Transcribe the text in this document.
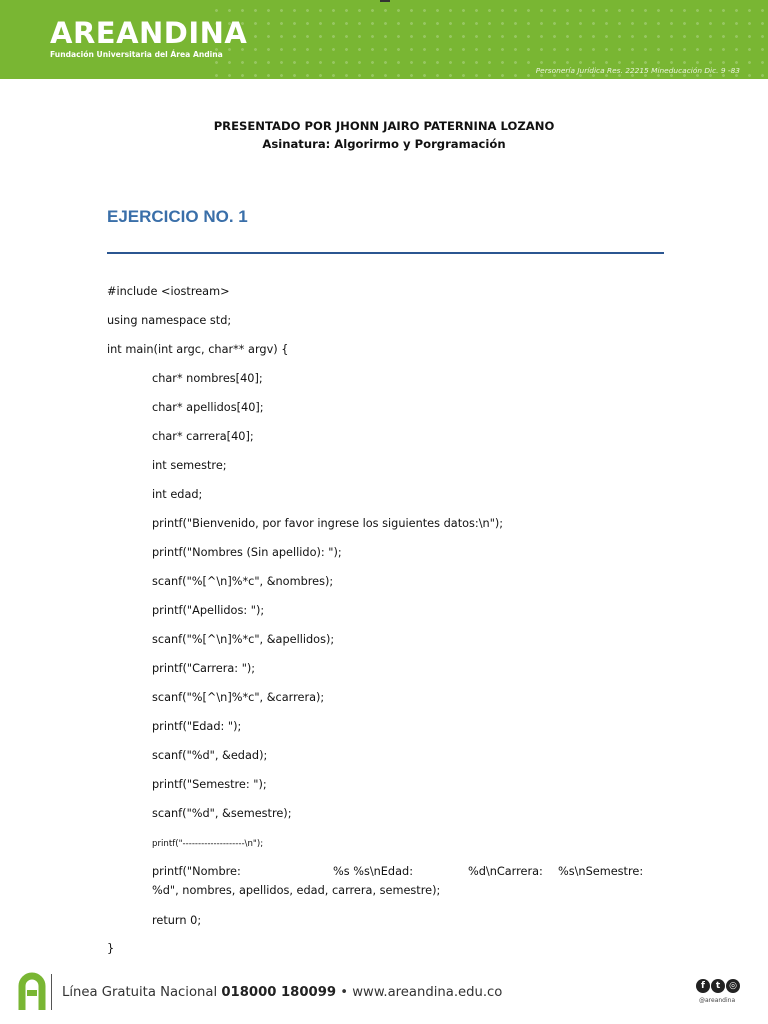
AREANDINA
Fundación Universitaria del Área Andina
Personería Jurídica Res. 22215 Mineducación Dic. 9 -83
PRESENTADO POR JHONN JAIRO PATERNINA LOZANO
Asinatura: Algorirmo y Porgramación
EJERCICIO NO. 1
#include <iostream>
using namespace std;
int main(int argc, char** argv) {
char* nombres[40];
char* apellidos[40];
char* carrera[40];
int semestre;
int edad;
printf("Bienvenido, por favor ingrese los siguientes datos:\n");
printf("Nombres (Sin apellido): ");
scanf("%[^\n]%*c", &nombres);
printf("Apellidos: ");
scanf("%[^\n]%*c", &apellidos);
printf("Carrera: ");
scanf("%[^\n]%*c", &carrera);
printf("Edad: ");
scanf("%d", &edad);
printf("Semestre: ");
scanf("%d", &semestre);
printf("--------------------\n");
printf("Nombre:	%s %s\nEdad:	%d\nCarrera: %s\nSemestre:
%d", nombres, apellidos, edad, carrera, semestre);
return 0;
}
Línea Gratuita Nacional 018000 180099 • www.areandina.edu.co	f t ◎
@areandina
